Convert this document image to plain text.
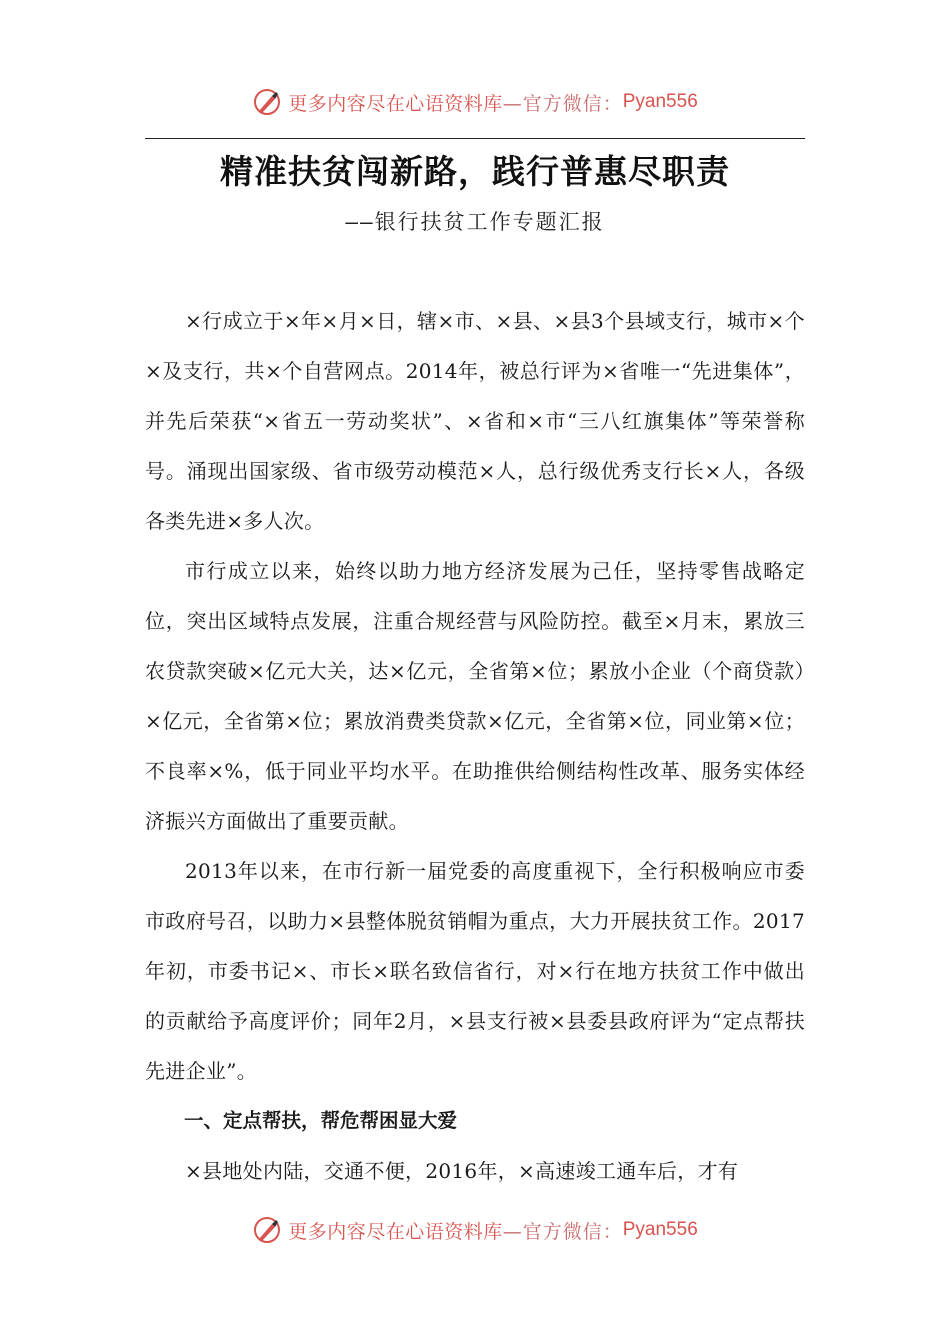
更多内容尽在心语资料库 —官方微信： Pyan556
精准扶贫闯新路，践行普惠尽职责
——银行扶贫工作专题汇报

×行成立于×年×月×日，辖×市、×县、×县3个县域支行，城市×个×及支行，共×个自营网点。2014年，被总行评为×省唯一“先进集体”，并先后荣获“×省五一劳动奖状”、×省和×市“三八红旗集体”等荣誉称号。涌现出国家级、省市级劳动模范×人，总行级优秀支行长×人，各级各类先进×多人次。

市行成立以来，始终以助力地方经济发展为己任，坚持零售战略定位，突出区域特点发展，注重合规经营与风险防控。截至×月末，累放三农贷款突破×亿元大关，达×亿元，全省第×位；累放小企业（个商贷款）×亿元，全省第×位；累放消费类贷款×亿元，全省第×位，同业第×位；不良率×%，低于同业平均水平。在助推供给侧结构性改革、服务实体经济振兴方面做出了重要贡献。

2013年以来，在市行新一届党委的高度重视下，全行积极响应市委市政府号召，以助力×县整体脱贫销帽为重点，大力开展扶贫工作。2017年初，市委书记×、市长×联名致信省行，对×行在地方扶贫工作中做出的贡献给予高度评价；同年2月，×县支行被×县委县政府评为“定点帮扶先进企业”。

一、定点帮扶，帮危帮困显大爱

×县地处内陆，交通不便，2016年，×高速竣工通车后，才有

更多内容尽在心语资料库 —官方微信： Pyan556
